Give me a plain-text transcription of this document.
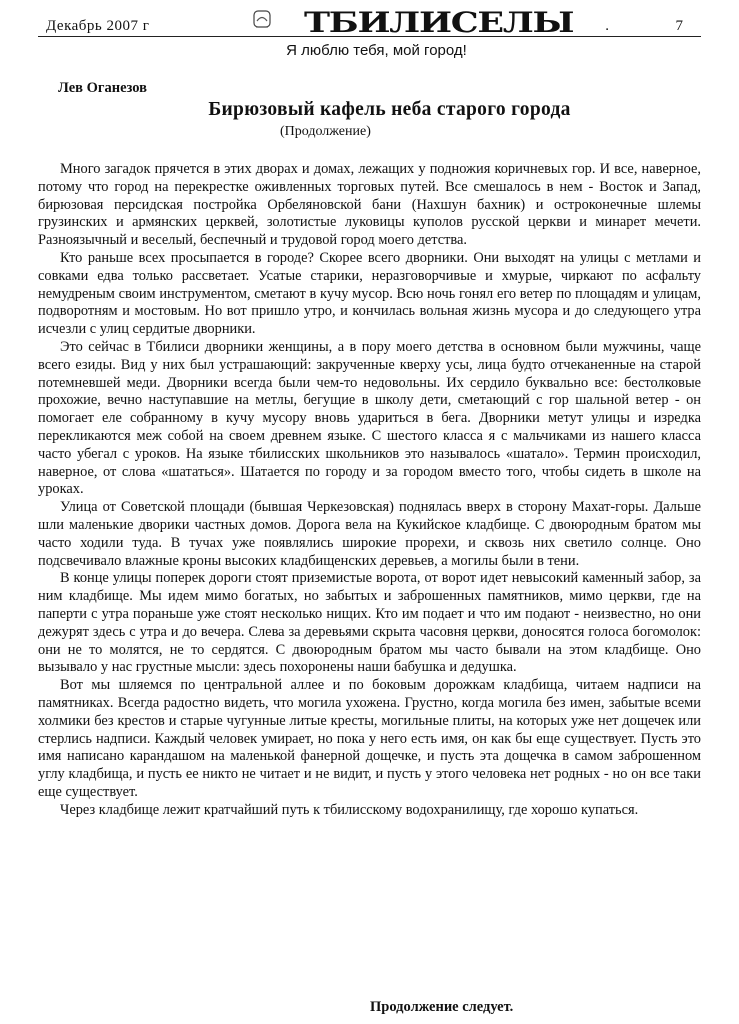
Декабрь 2007 г	ТБИЛИСЕЛЫ .	7
Я люблю тебя, мой город!
Лев Оганезов
Бирюзовый кафель неба старого города
(Продолжение)

Много загадок прячется в этих дворах и домах, лежащих у подножия коричневых гор. И все, наверное, потому что город на перекрестке оживленных торговых путей. Все смешалось в нем - Восток и Запад, бирюзовая персидская постройка Орбеляновской бани (Нахшун бахник) и остроконечные шлемы грузинских и армянских церквей, золотистые луковицы куполов русской церкви и минарет мечети. Разноязычный и веселый, беспечный и трудовой город моего детства.

Кто раньше всех просыпается в городе? Скорее всего дворники. Они выходят на улицы с метлами и совками едва только рассветает. Усатые старики, неразговорчивые и хмурые, чиркают по асфальту немудреным своим инструментом, сметают в кучу мусор. Всю ночь гонял его ветер по площадям и улицам, подворотням и мостовым. Но вот пришло утро, и кончилась вольная жизнь мусора и до следующего утра исчезли с улиц сердитые дворники.

Это сейчас в Тбилиси дворники женщины, а в пору моего детства в основном были мужчины, чаще всего езиды. Вид у них был устрашающий: закрученные кверху усы, лица будто отчеканенные на старой потемневшей меди. Дворники всегда были чем-то недовольны. Их сердило буквально все: бестолковые прохожие, вечно наступавшие на метлы, бегущие в школу дети, сметающий с гор шальной ветер - он помогает еле собранному в кучу мусору вновь удариться в бега. Дворники метут улицы и изредка перекликаются меж собой на своем древнем языке. С шестого класса я с мальчиками из нашего класса часто убегал с уроков. На языке тбилисских школьников это называлось «шатало». Термин происходил, наверное, от слова «шататься». Шатается по городу и за городом вместо того, чтобы сидеть в школе на уроках.

Улица от Советской площади (бывшая Черкезовская) поднялась вверх в сторону Махат-горы. Дальше шли маленькие дворики частных домов. Дорога вела на Кукийское кладбище. С двоюродным братом мы часто ходили туда. В тучах уже появлялись широкие прорехи, и сквозь них светило солнце. Оно подсвечивало влажные кроны высоких кладбищенских деревьев, а могилы были в тени.

В конце улицы поперек дороги стоят приземистые ворота, от ворот идет невысокий каменный забор, за ним кладбище. Мы идем мимо богатых, но забытых и заброшенных памятников, мимо церкви, где на паперти с утра пораньше уже стоят несколько нищих. Кто им подает и что им подают - неизвестно, но они дежурят здесь с утра и до вечера. Слева за деревьями скрыта часовня церкви, доносятся голоса богомолок: они не то молятся, не то сердятся. С двоюродным братом мы часто бывали на этом кладбище. Оно вызывало у нас грустные мысли: здесь похоронены наши бабушка и дедушка.

Вот мы шляемся по центральной аллее и по боковым дорожкам кладбища, читаем надписи на памятниках. Всегда радостно видеть, что могила ухожена. Грустно, когда могила без имен, забытые всеми холмики без крестов и старые чугунные литые кресты, могильные плиты, на которых уже нет дощечек или стерлись надписи. Каждый человек умирает, но пока у него есть имя, он как бы еще существует. Пусть это имя написано карандашом на маленькой фанерной дощечке, и пусть эта дощечка в самом заброшенном углу кладбища, и пусть ее никто не читает и не видит, и пусть у этого человека нет родных - но он все таки еще существует.

Через кладбище лежит кратчайший путь к тбилисскому водохранилищу, где хорошо купаться.

Продолжение следует.
